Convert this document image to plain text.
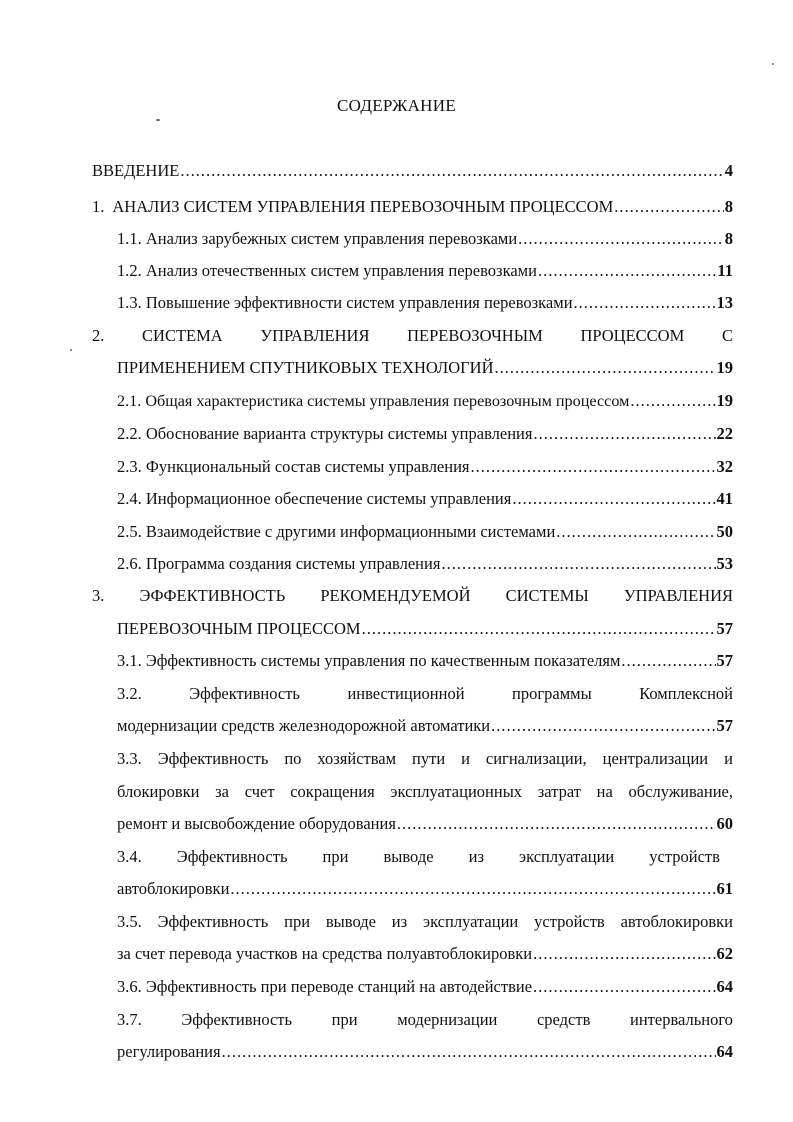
СОДЕРЖАНИЕ
ВВЕДЕНИЕ .....	4
1. АНАЛИЗ СИСТЕМ УПРАВЛЕНИЯ ПЕРЕВОЗОЧНЫМ ПРОЦЕССОМ .....	8
1.1. Анализ зарубежных систем управления перевозками .....	8
1.2. Анализ отечественных систем управления перевозками .....	11
1.3. Повышение эффективности систем управления перевозками .....	13
2. СИСТЕМА УПРАВЛЕНИЯ ПЕРЕВОЗОЧНЫМ ПРОЦЕССОМ С
ПРИМЕНЕНИЕМ СПУТНИКОВЫХ ТЕХНОЛОГИЙ .....	19
2.1. Общая характеристика системы управления перевозочным процессом .....	19
2.2. Обоснование варианта структуры системы управления .....	22
2.3. Функциональный состав системы управления .....	32
2.4. Информационное обеспечение системы управления .....	41
2.5. Взаимодействие с другими информационными системами .....	50
2.6. Программа создания системы управления .....	53
3. ЭФФЕКТИВНОСТЬ РЕКОМЕНДУЕМОЙ СИСТЕМЫ УПРАВЛЕНИЯ
ПЕРЕВОЗОЧНЫМ ПРОЦЕССОМ .....	57
3.1. Эффективность системы управления по качественным показателям .....	57
3.2.	Эффективность	инвестиционной	программы	Комплексной
модернизации средств железнодорожной автоматики .....	57
3.3. Эффективность по хозяйствам пути и сигнализации, централизации и
блокировки за счет сокращения эксплуатационных затрат на обслуживание,
ремонт и высвобождение оборудования .....	60
3.4. Эффективность при выводе из эксплуатации устройств
автоблокировки .....	61
3.5. Эффективность при выводе из эксплуатации устройств автоблокировки
за счет перевода участков на средства полуавтоблокировки .....	62
3.6. Эффективность при переводе станций на автодействие .....	64
3.7. Эффективность при модернизации средств интервального
регулирования .....	64
